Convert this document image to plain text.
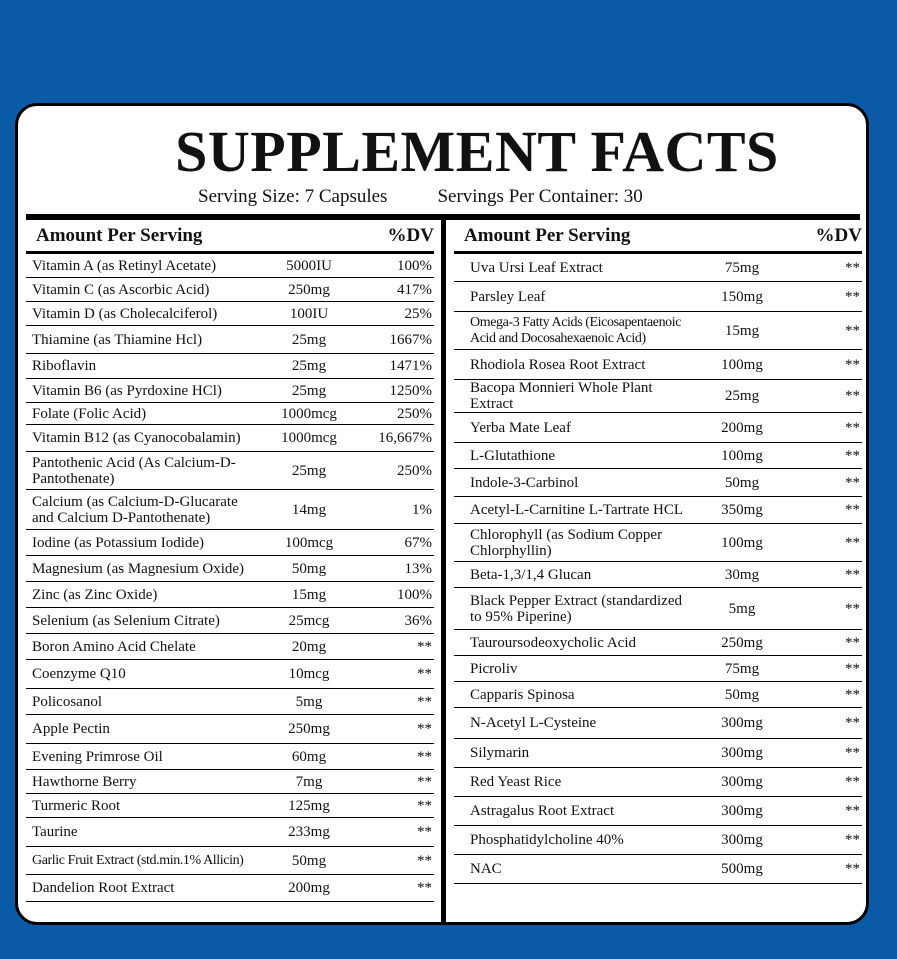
SUPPLEMENT FACTS
Serving Size: 7 Capsules	Servings Per Container: 30
Amount Per Serving	%DV
Vitamin A (as Retinyl Acetate)	5000IU	100%
Vitamin C (as Ascorbic Acid)	250mg	417%
Vitamin D (as Cholecalciferol)	100IU	25%
Thiamine (as Thiamine Hcl)	25mg	1667%
Riboflavin	25mg	1471%
Vitamin B6 (as Pyrdoxine HCl)	25mg	1250%
Folate (Folic Acid)	1000mcg	250%
Vitamin B12 (as Cyanocobalamin)	1000mcg	16,667%
Pantothenic Acid (As Calcium-D-Pantothenate)	25mg	250%
Calcium (as Calcium-D-Glucarate and Calcium D-Pantothenate)	14mg	1%
Iodine (as Potassium Iodide)	100mcg	67%
Magnesium (as Magnesium Oxide)	50mg	13%
Zinc (as Zinc Oxide)	15mg	100%
Selenium (as Selenium Citrate)	25mcg	36%
Boron Amino Acid Chelate	20mg	**
Coenzyme Q10	10mcg	**
Policosanol	5mg	**
Apple Pectin	250mg	**
Evening Primrose Oil	60mg	**
Hawthorne Berry	7mg	**
Turmeric Root	125mg	**
Taurine	233mg	**
Garlic Fruit Extract (std.min.1% Allicin)	50mg	**
Dandelion Root Extract	200mg	**
Amount Per Serving	%DV
Uva Ursi Leaf Extract	75mg	**
Parsley Leaf	150mg	**
Omega-3 Fatty Acids (Eicosapentaenoic Acid and Docosahexaenoic Acid)	15mg	**
Rhodiola Rosea Root Extract	100mg	**
Bacopa Monnieri Whole Plant Extract	25mg	**
Yerba Mate Leaf	200mg	**
L-Glutathione	100mg	**
Indole-3-Carbinol	50mg	**
Acetyl-L-Carnitine L-Tartrate HCL	350mg	**
Chlorophyll (as Sodium Copper Chlorphyllin)	100mg	**
Beta-1,3/1,4 Glucan	30mg	**
Black Pepper Extract (standardized to 95% Piperine)	5mg	**
Tauroursodeoxycholic Acid	250mg	**
Picroliv	75mg	**
Capparis Spinosa	50mg	**
N-Acetyl L-Cysteine	300mg	**
Silymarin	300mg	**
Red Yeast Rice	300mg	**
Astragalus Root Extract	300mg	**
Phosphatidylcholine 40%	300mg	**
NAC	500mg	**
